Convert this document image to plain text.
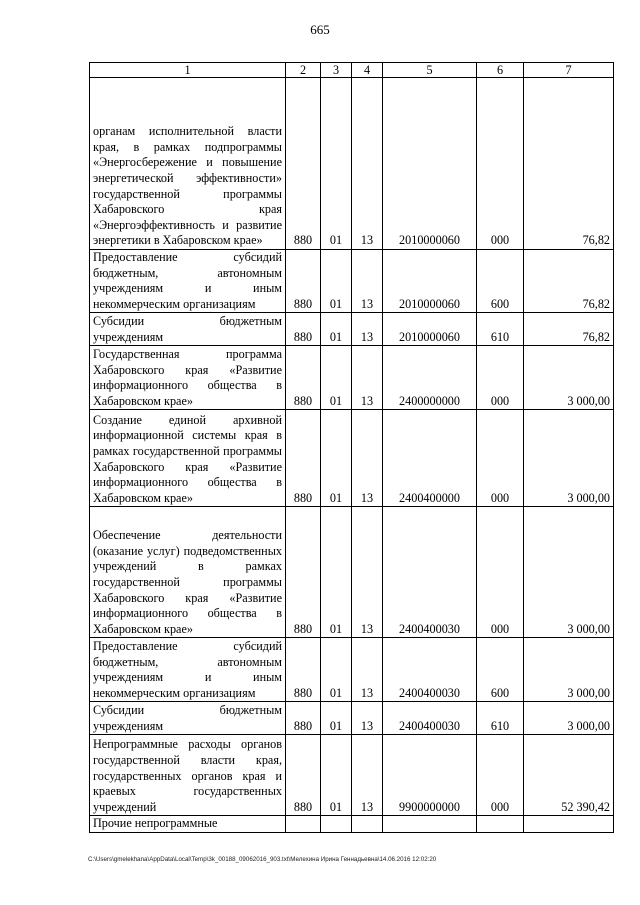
665
1	2	3	4	5	6	7
органам исполнительной власти края, в рамках подпрограммы «Энергосбережение и повышение энергетической эффективности» государственной программы Хабаровского края «Энергоэффективность и развитие энергетики в Хабаровском крае»	880	01	13	2010000060	000	76,82
Предоставление субсидий бюджетным, автономным учреждениям и иным некоммерческим организациям	880	01	13	2010000060	600	76,82
Субсидии бюджетным учреждениям	880	01	13	2010000060	610	76,82
Государственная программа Хабаровского края «Развитие информационного общества в Хабаровском крае»	880	01	13	2400000000	000	3 000,00
Создание единой архивной информационной системы края в рамках государственной программы Хабаровского края «Развитие информационного общества в Хабаровском крае»	880	01	13	2400400000	000	3 000,00
Обеспечение деятельности (оказание услуг) подведомственных учреждений в рамках государственной программы Хабаровского края «Развитие информационного общества в Хабаровском крае»	880	01	13	2400400030	000	3 000,00
Предоставление субсидий бюджетным, автономным учреждениям и иным некоммерческим организациям	880	01	13	2400400030	600	3 000,00
Субсидии бюджетным учреждениям	880	01	13	2400400030	610	3 000,00
Непрограммные расходы органов государственной власти края, государственных органов края и краевых государственных учреждений	880	01	13	9900000000	000	52 390,42
Прочие непрограммные						
C:\Users\gmelekhana\AppData\Local\Temp\3k_00188_09062016_903.txt\Мелехина Ирина Геннадьевна\14.06.2016 12:02:20
